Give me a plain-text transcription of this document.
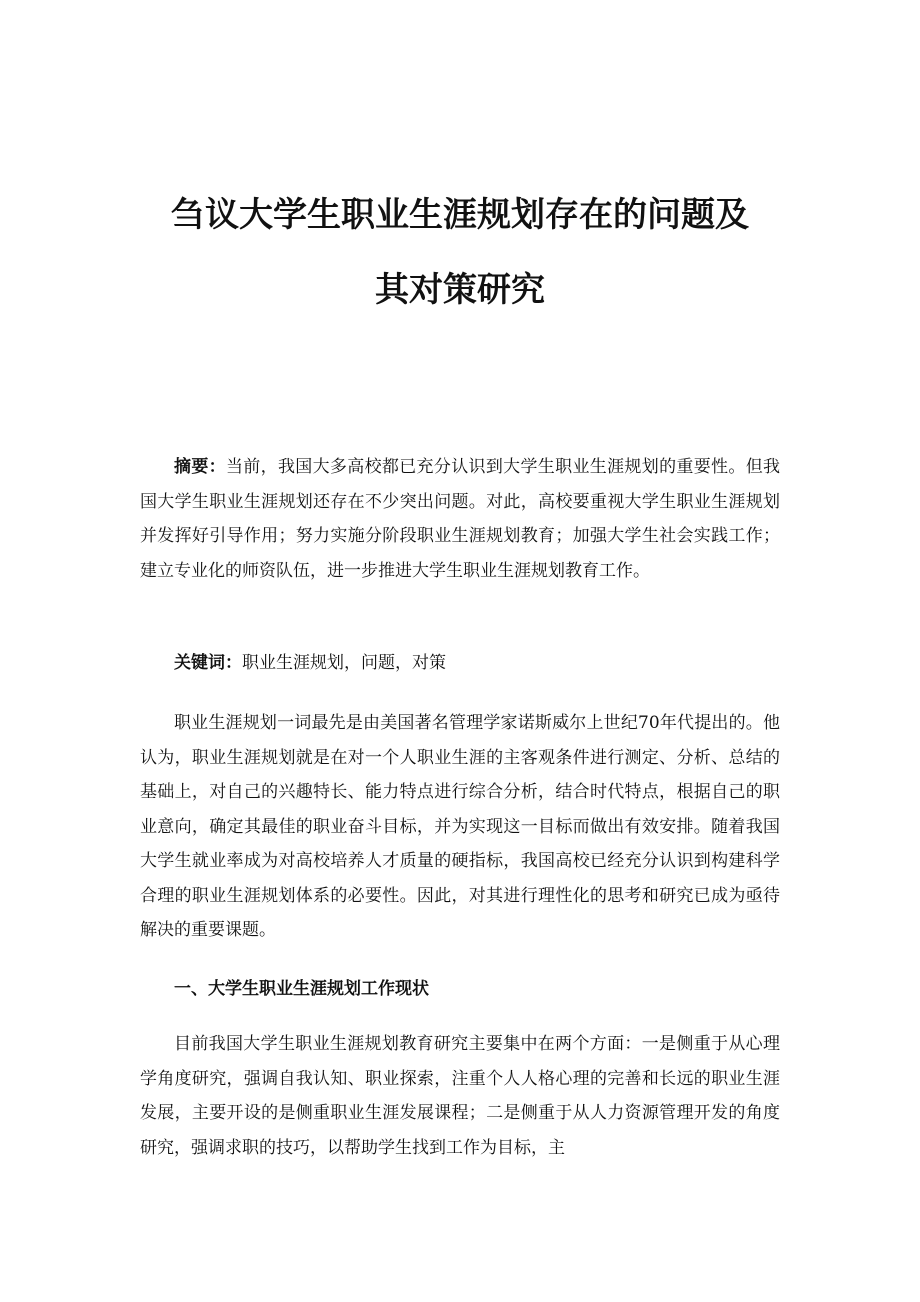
刍议大学生职业生涯规划存在的问题及
其对策研究

摘要：当前，我国大多高校都已充分认识到大学生职业生涯规划的重要性。但我国大学生职业生涯规划还存在不少突出问题。对此，高校要重视大学生职业生涯规划并发挥好引导作用；努力实施分阶段职业生涯规划教育；加强大学生社会实践工作；建立专业化的师资队伍，进一步推进大学生职业生涯规划教育工作。

关键词：职业生涯规划，问题，对策

职业生涯规划一词最先是由美国著名管理学家诺斯威尔上世纪70年代提出的。他认为，职业生涯规划就是在对一个人职业生涯的主客观条件进行测定、分析、总结的基础上，对自己的兴趣特长、能力特点进行综合分析，结合时代特点，根据自己的职业意向，确定其最佳的职业奋斗目标，并为实现这一目标而做出有效安排。随着我国大学生就业率成为对高校培养人才质量的硬指标，我国高校已经充分认识到构建科学合理的职业生涯规划体系的必要性。因此，对其进行理性化的思考和研究已成为亟待解决的重要课题。

一、大学生职业生涯规划工作现状

目前我国大学生职业生涯规划教育研究主要集中在两个方面：一是侧重于从心理学角度研究，强调自我认知、职业探索，注重个人人格心理的完善和长远的职业生涯发展，主要开设的是侧重职业生涯发展课程；二是侧重于从人力资源管理开发的角度研究，强调求职的技巧，以帮助学生找到工作为目标，主
